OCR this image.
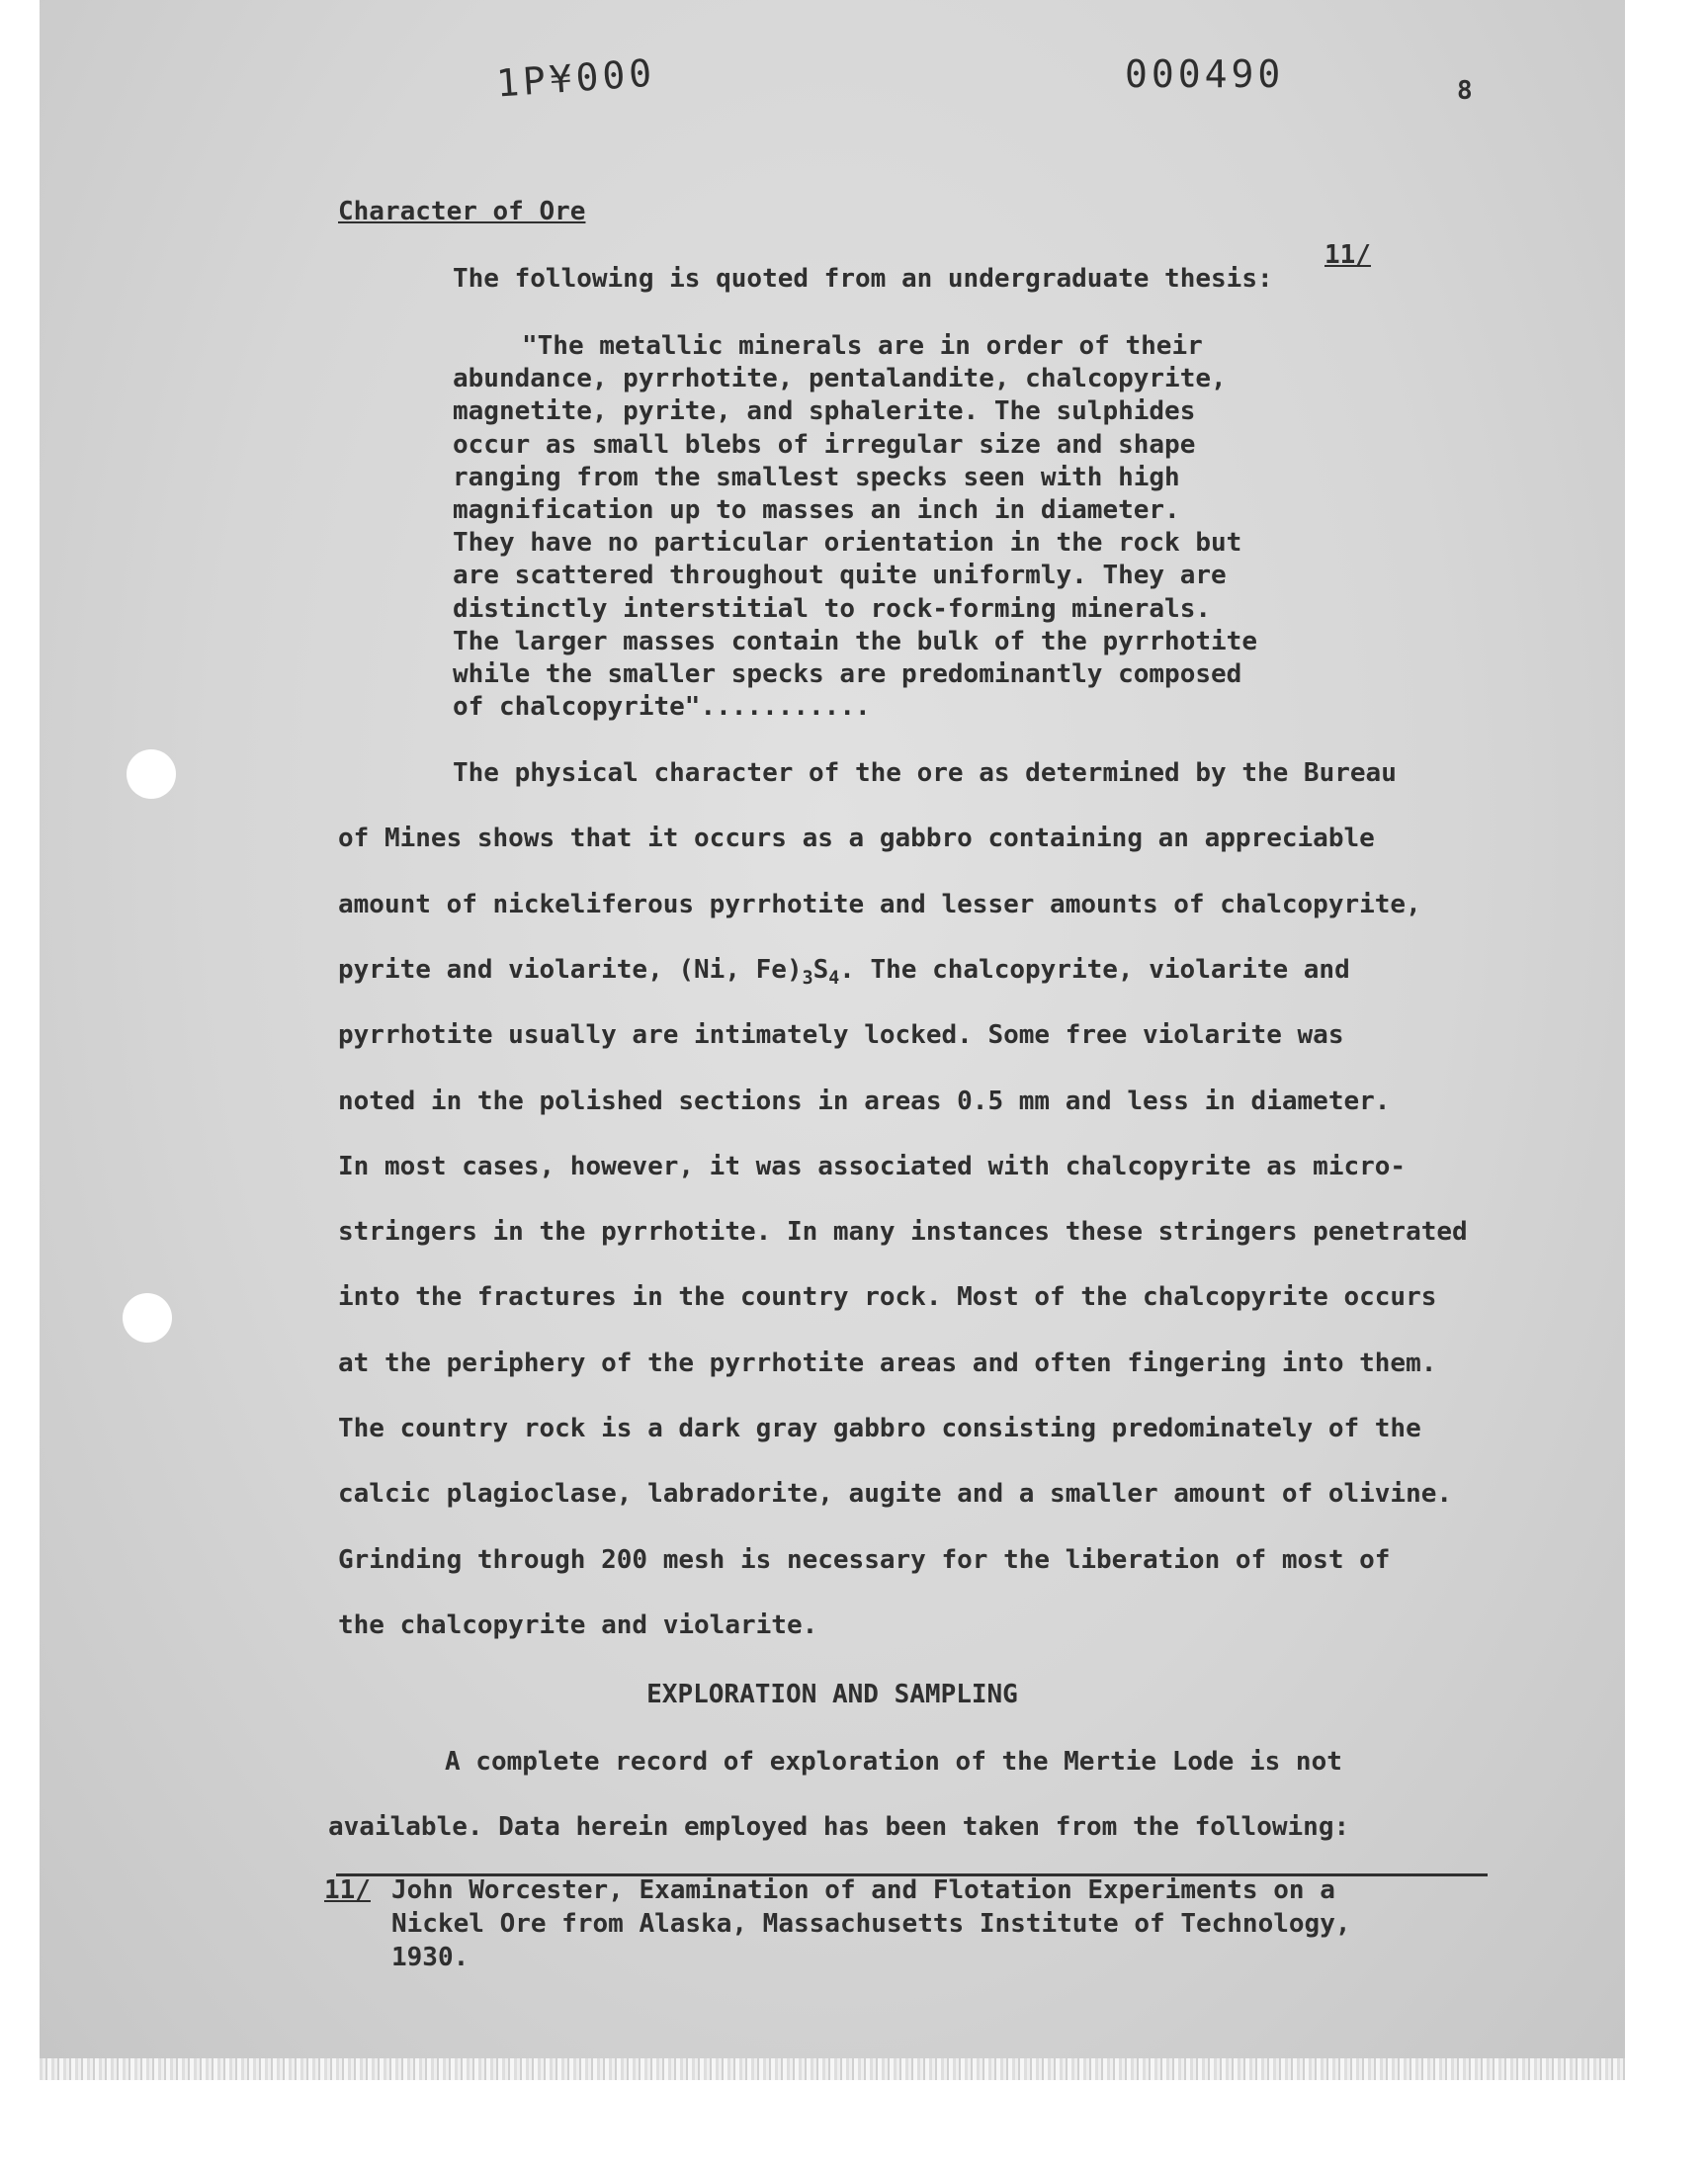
1P¥000	000490	8
Character of Ore
The following is quoted from an undergraduate thesis:
11/
"The metallic minerals are in order of their
abundance, pyrrhotite, pentalandite, chalcopyrite,
magnetite, pyrite, and sphalerite. The sulphides
occur as small blebs of irregular size and shape
ranging from the smallest specks seen with high
magnification up to masses an inch in diameter.
They have no particular orientation in the rock but
are scattered throughout quite uniformly. They are
distinctly interstitial to rock-forming minerals.
The larger masses contain the bulk of the pyrrhotite
while the smaller specks are predominantly composed
of chalcopyrite"...........
The physical character of the ore as determined by the Bureau
of Mines shows that it occurs as a gabbro containing an appreciable
amount of nickeliferous pyrrhotite and lesser amounts of chalcopyrite,
pyrite and violarite, (Ni, $Fe)_3S_4$. The chalcopyrite, violarite and
pyrrhotite usually are intimately locked. Some free violarite was
noted in the polished sections in areas 0.5 mm and less in diameter.
In most cases, however, it was associated with chalcopyrite as micro-
stringers in the pyrrhotite. In many instances these stringers penetrated
into the fractures in the country rock. Most of the chalcopyrite occurs
at the periphery of the pyrrhotite areas and often fingering into them.
The country rock is a dark gray gabbro consisting predominately of the
calcic plagioclase, labradorite, augite and a smaller amount of olivine.
Grinding through 200 mesh is necessary for the liberation of most of
the chalcopyrite and violarite.
EXPLORATION AND SAMPLING
A complete record of exploration of the Mertie Lode is not
available. Data herein employed has been taken from the following:
11/ John Worcester, Examination of and Flotation Experiments on a
Nickel Ore from Alaska, Massachusetts Institute of Technology,
1930.
